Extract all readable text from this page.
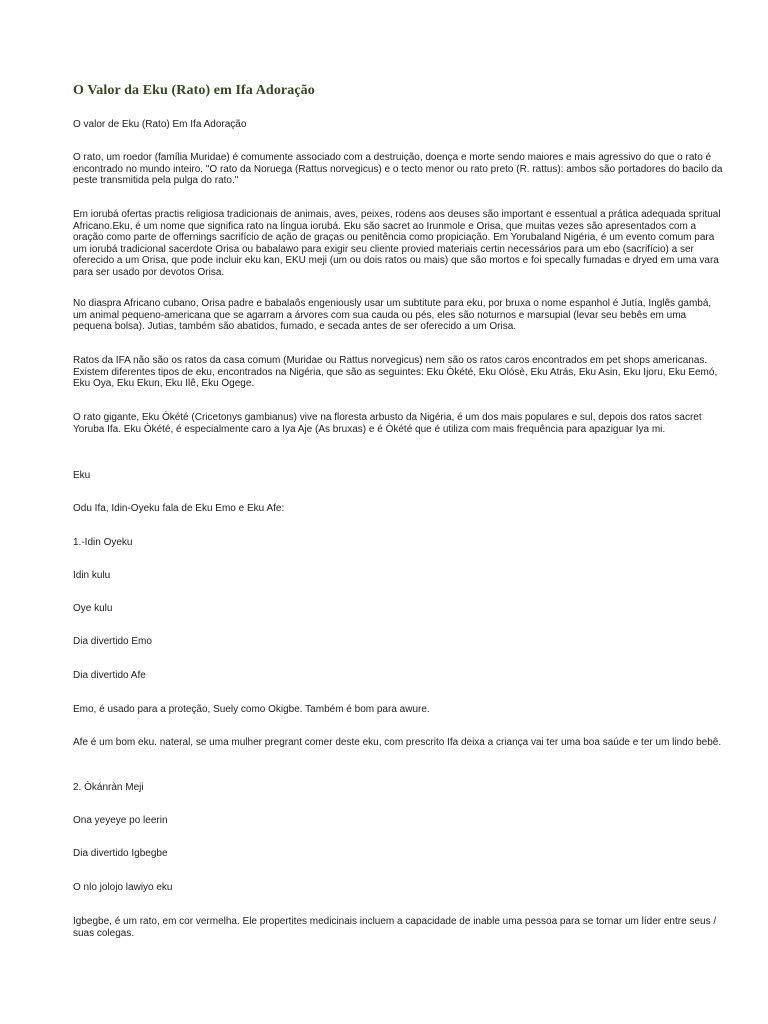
O Valor da Eku (Rato) em Ifa Adoração

O valor de Eku (Rato) Em Ifa Adoração

O rato, um roedor (família Muridae) é comumente associado com a destruição, doença e morte sendo maiores e mais agressivo do que o rato é encontrado no mundo inteiro. "O rato da Noruega (Rattus norvegicus) e o tecto menor ou rato preto (R. rattus): ambos são portadores do bacilo da peste transmitida pela pulga do rato."

Em iorubá ofertas practis religiosa tradicionais de animais, aves, peixes, rodens aos deuses são important e essentual a prática adequada spritual Africano.Eku, é um nome que significa rato na língua iorubá. Eku são sacret ao Irunmole e Orisa, que muitas vezes são apresentados com a oração como parte de offernings sacrifício de ação de graças ou penitência como propiciação. Em Yorubaland Nigéria, é um evento comum para um iorubá tradicional sacerdote Orisa ou babalawo para exigir seu cliente provied materiais certin necessários para um ebo (sacrifício) a ser oferecido a um Orisa, que pode incluir eku kan, EKU meji (um ou dois ratos ou mais) que são mortos e foi specally fumadas e dryed em uma vara para ser usado por devotos Orisa.

No diaspra Africano cubano, Orisa padre e babalaôs engeniously usar um subtitute para eku, por bruxa o nome espanhol é Jutía, Inglês gambá, um animal pequeno-americana que se agarram a árvores com sua cauda ou pés, eles são noturnos e marsupial (levar seu bebês em uma pequena bolsa). Jutias, também são abatidos, fumado, e secada antes de ser oferecido a um Orisa.

Ratos da IFA não são os ratos da casa comum (Muridae ou Rattus norvegicus) nem são os ratos caros encontrados em pet shops americanas. Existem diferentes tipos de eku, encontrados na Nigéria, que são as seguintes: Eku Òkété, Eku Olósè, Eku Atrás, Eku Asin, Eku Ijoru, Eku Eemó, Eku Oya, Eku Ekun, Eku Ilê, Eku Ogege.

O rato gigante, Eku Òkété (Cricetonys gambianus) vive na floresta arbusto da Nigéria, é um dos mais populares e sul, depois dos ratos sacret Yoruba Ifa. Eku Òkété, é especialmente caro a Iya Aje (As bruxas) e é Òkété que é utiliza com mais frequência para apaziguar Iya mi.

Eku

Odu Ifa, Idin-Oyeku fala de Eku Emo e Eku Afe:

1.-Idin Oyeku

Idin kulu

Oye kulu

Dia divertido Emo

Dia divertido Afe

Emo, é usado para a proteção, Suely como Okigbe. Também é bom para awure.

Afe é um bom eku. nateral, se uma mulher pregrant comer deste eku, com prescrito Ifa deixa a criança vai ter uma boa saúde e ter um lindo bebê.

2. Òkánràn Meji

Ona yeyeye po leerin

Dia divertido Igbegbe

O nlo jolojo lawiyo eku

Igbegbe, é um rato, em cor vermelha. Ele propertites medicinais incluem a capacidade de inable uma pessoa para se tornar um líder entre seus / suas colegas.
